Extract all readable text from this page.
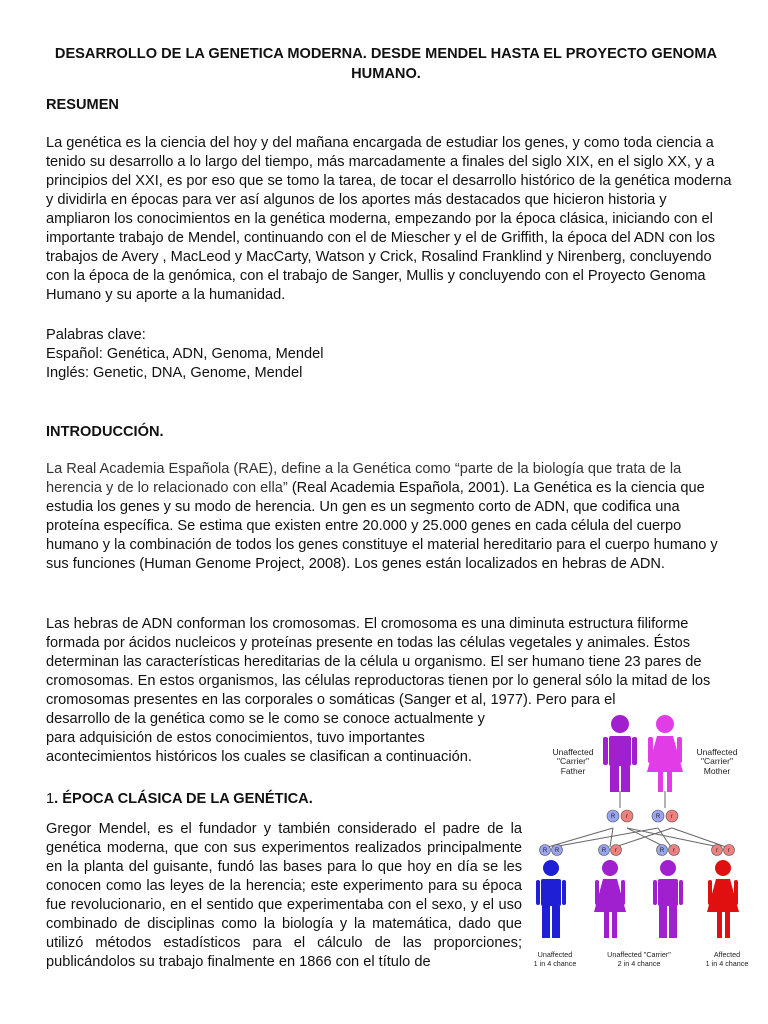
DESARROLLO DE LA GENETICA MODERNA. DESDE MENDEL HASTA EL PROYECTO GENOMA HUMANO.
RESUMEN

La genética es la ciencia del hoy y del mañana encargada de estudiar los genes, y como toda ciencia a tenido su desarrollo a lo largo del tiempo, más marcadamente a finales del siglo XIX, en el siglo XX, y a principios del XXI, es por eso que se tomo la tarea, de tocar el desarrollo histórico de la genética moderna y dividirla en épocas para ver así algunos de los aportes más destacados que hicieron historia y ampliaron los conocimientos en la genética moderna, empezando por la época clásica, iniciando con el importante trabajo de Mendel, continuando con el de Miescher y el de Griffith, la época del ADN con los trabajos de Avery , MacLeod y MacCarty, Watson y Crick, Rosalind Franklind y Nirenberg, concluyendo con la época de la genómica, con el trabajo de Sanger, Mullis y concluyendo con el Proyecto Genoma Humano y su aporte a la humanidad.

Palabras clave:

Español: Genética, ADN, Genoma, Mendel

Inglés: Genetic, DNA, Genome, Mendel

INTRODUCCIÓN.

La Real Academia Española (RAE), define a la Genética como “parte de la biología que trata de la herencia y de lo relacionado con ella” (Real Academia Española, 2001). La Genética es la ciencia que estudia los genes y su modo de herencia. Un gen es un segmento corto de ADN, que codifica una proteína específica. Se estima que existen entre 20.000 y 25.000 genes en cada célula del cuerpo humano y la combinación de todos los genes constituye el material hereditario para el cuerpo humano y sus funciones (Human Genome Project, 2008). Los genes están localizados en hebras de ADN.

Las hebras de ADN conforman los cromosomas. El cromosoma es una diminuta estructura filiforme formada por ácidos nucleicos y proteínas presente en todas las células vegetales y animales. Éstos determinan las características hereditarias de la célula u organismo. El ser humano tiene 23 pares de cromosomas. En estos organismos, las células reproductoras tienen por lo general sólo la mitad de los cromosomas presentes en las corporales o somáticas (Sanger et al, 1977). Pero para el

desarrollo de la genética como se le como se conoce actualmente y para adquisición de estos conocimientos, tuvo importantes acontecimientos históricos los cuales se clasifican a continuación.

1. ÉPOCA CLÁSICA DE LA GENÉTICA.

Gregor Mendel, es el fundador y también considerado el padre de la genética moderna, que con sus experimentos realizados principalmente en la planta del guisante, fundó las bases para lo que hoy en día se les conocen como las leyes de la herencia; este experimento para su época fue revolucionario, en el sentido que experimentaba con el sexo, y el uso combinado de disciplinas como la biología y la matemática, dado que utilizó métodos estadísticos para el cálculo de las proporciones; publicándolos su trabajo finalmente en 1866 con el título de

Unaffected
"Carrier"
Father
Unaffected
"Carrier"
Mother
R r	R r
R R	R r	R r	r r
Unaffected
1 in 4 chance
Unaffected "Carrier"
2 in 4 chance
Affected
1 in 4 chance
